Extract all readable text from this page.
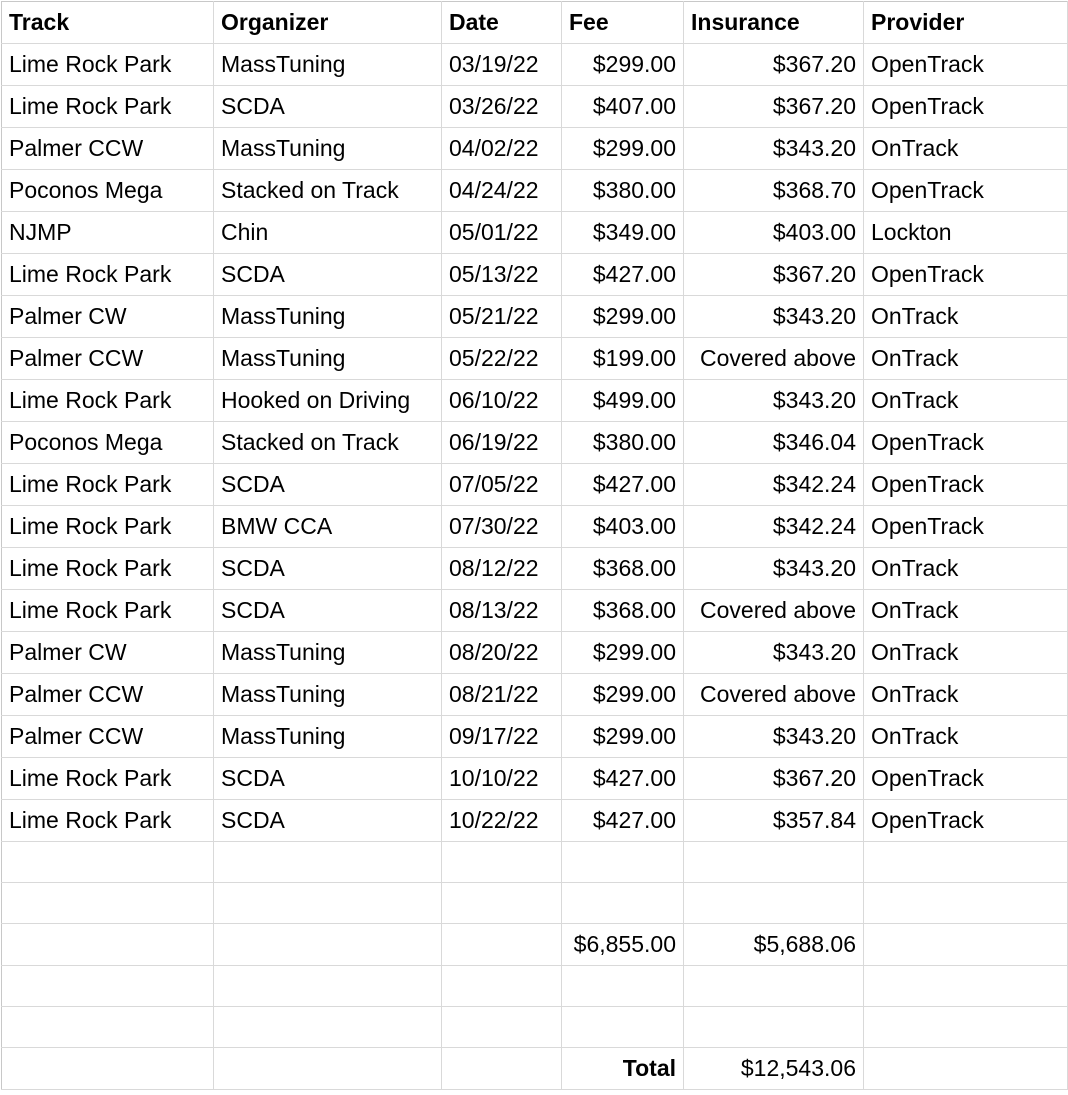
Track	Organizer	Date	Fee	Insurance	Provider
Lime Rock Park	MassTuning	03/19/22	$299.00	$367.20	OpenTrack
Lime Rock Park	SCDA	03/26/22	$407.00	$367.20	OpenTrack
Palmer CCW	MassTuning	04/02/22	$299.00	$343.20	OnTrack
Poconos Mega	Stacked on Track	04/24/22	$380.00	$368.70	OpenTrack
NJMP	Chin	05/01/22	$349.00	$403.00	Lockton
Lime Rock Park	SCDA	05/13/22	$427.00	$367.20	OpenTrack
Palmer CW	MassTuning	05/21/22	$299.00	$343.20	OnTrack
Palmer CCW	MassTuning	05/22/22	$199.00	Covered above	OnTrack
Lime Rock Park	Hooked on Driving	06/10/22	$499.00	$343.20	OnTrack
Poconos Mega	Stacked on Track	06/19/22	$380.00	$346.04	OpenTrack
Lime Rock Park	SCDA	07/05/22	$427.00	$342.24	OpenTrack
Lime Rock Park	BMW CCA	07/30/22	$403.00	$342.24	OpenTrack
Lime Rock Park	SCDA	08/12/22	$368.00	$343.20	OnTrack
Lime Rock Park	SCDA	08/13/22	$368.00	Covered above	OnTrack
Palmer CW	MassTuning	08/20/22	$299.00	$343.20	OnTrack
Palmer CCW	MassTuning	08/21/22	$299.00	Covered above	OnTrack
Palmer CCW	MassTuning	09/17/22	$299.00	$343.20	OnTrack
Lime Rock Park	SCDA	10/10/22	$427.00	$367.20	OpenTrack
Lime Rock Park	SCDA	10/22/22	$427.00	$357.84	OpenTrack

			$6,855.00	$5,688.06	

			Total	$12,543.06	
